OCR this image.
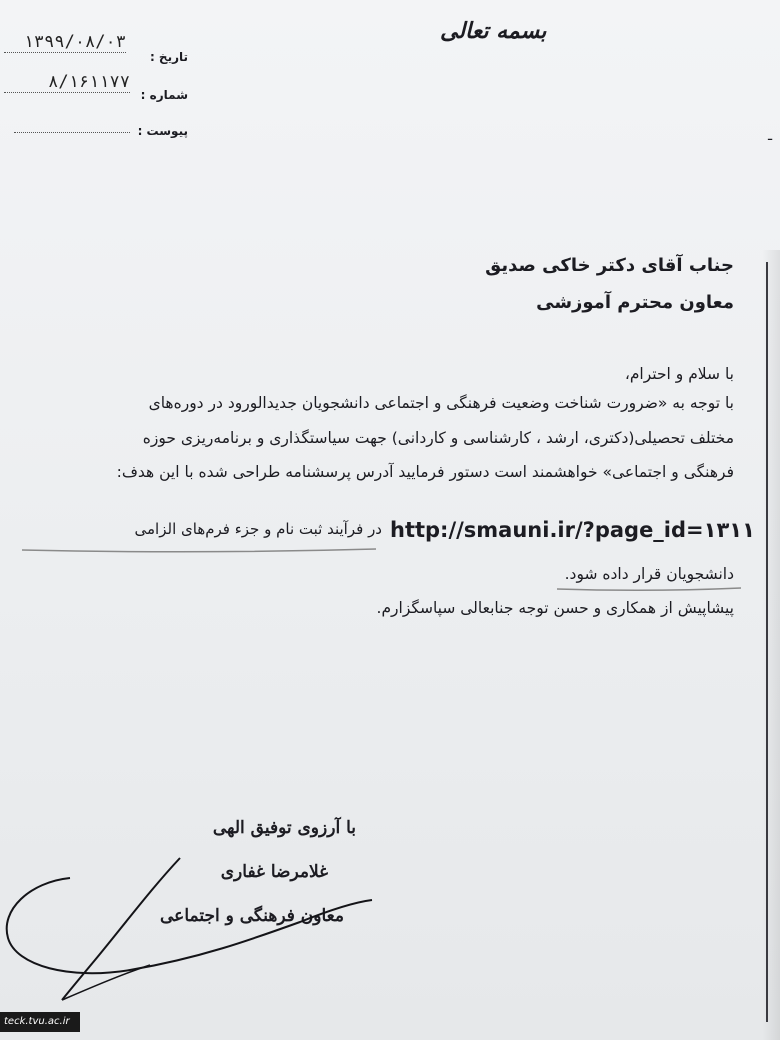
ـ
بسمه تعالی
۱۳۹۹/۰۸/۰۳
تاریخ :
۸/۱۶۱۱۷۷
شماره :
پیوست :
جناب آقای دکتر خاکی صدیق
معاون محترم آموزشی
با سلام و احترام،
با توجه به «ضرورت شناخت وضعیت فرهنگی و اجتماعی دانشجویان جدیدالورود در دوره‌های
مختلف تحصیلی(دکتری، ارشد ، کارشناسی و کاردانی) جهت سیاستگذاری و برنامه‌ریزی حوزه
فرهنگی و اجتماعی» خواهشمند است دستور فرمایید آدرس پرسشنامه طراحی شده با این هدف:
http://smauni.ir/?page_id=۱۳۱۱
در فرآیند ثبت نام و جزء فرم‌های الزامی
دانشجویان قرار داده شود.
پیشاپیش از همکاری و حسن توجه جنابعالی سپاسگزارم.
با آرزوی توفیق الهی
غلامرضا غفاری
معاون فرهنگی و اجتماعی
teck.tvu.ac.ir
